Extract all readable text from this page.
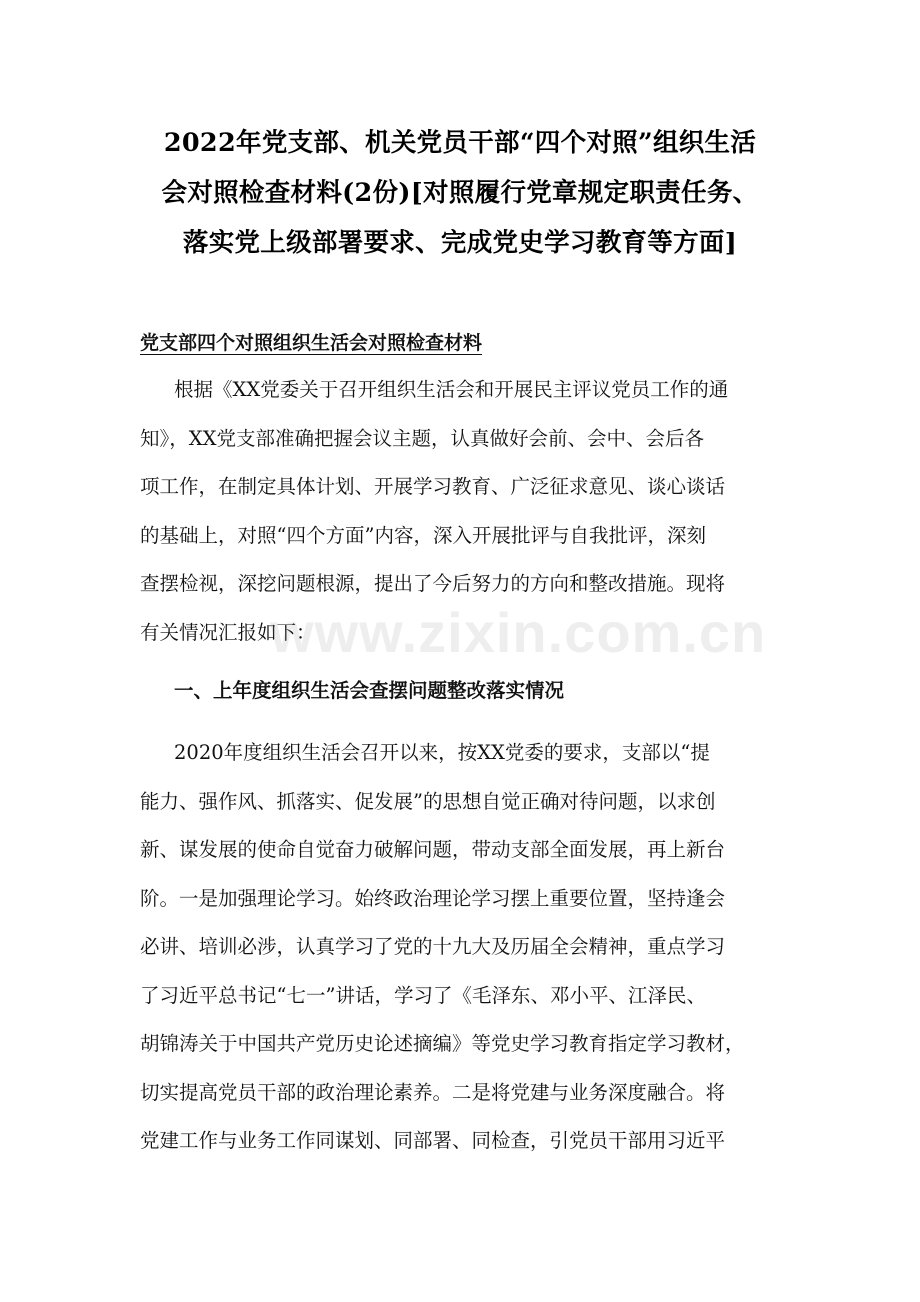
2022年党支部、机关党员干部“四个对照”组织生活
会对照检查材料(2份)[对照履行党章规定职责任务、
落实党上级部署要求、完成党史学习教育等方面]
党支部四个对照组织生活会对照检查材料

根据《XX党委关于召开组织生活会和开展民主评议党员工作的通
知》，XX党支部准确把握会议主题，认真做好会前、会中、会后各
项工作，在制定具体计划、开展学习教育、广泛征求意见、谈心谈话
的基础上，对照“四个方面”内容，深入开展批评与自我批评，深刻
查摆检视，深挖问题根源，提出了今后努力的方向和整改措施。现将
有关情况汇报如下：

www.zixin.com.cn
一、上年度组织生活会查摆问题整改落实情况

2020年度组织生活会召开以来，按XX党委的要求，支部以“提
能力、强作风、抓落实、促发展”的思想自觉正确对待问题，以求创
新、谋发展的使命自觉奋力破解问题，带动支部全面发展，再上新台
阶。一是加强理论学习。始终政治理论学习摆上重要位置，坚持逢会
必讲、培训必涉，认真学习了党的十九大及历届全会精神，重点学习
了习近平总书记“七一”讲话，学习了《毛泽东、邓小平、江泽民、
胡锦涛关于中国共产党历史论述摘编》等党史学习教育指定学习教材，
切实提高党员干部的政治理论素养。二是将党建与业务深度融合。将
党建工作与业务工作同谋划、同部署、同检查，引党员干部用习近平
